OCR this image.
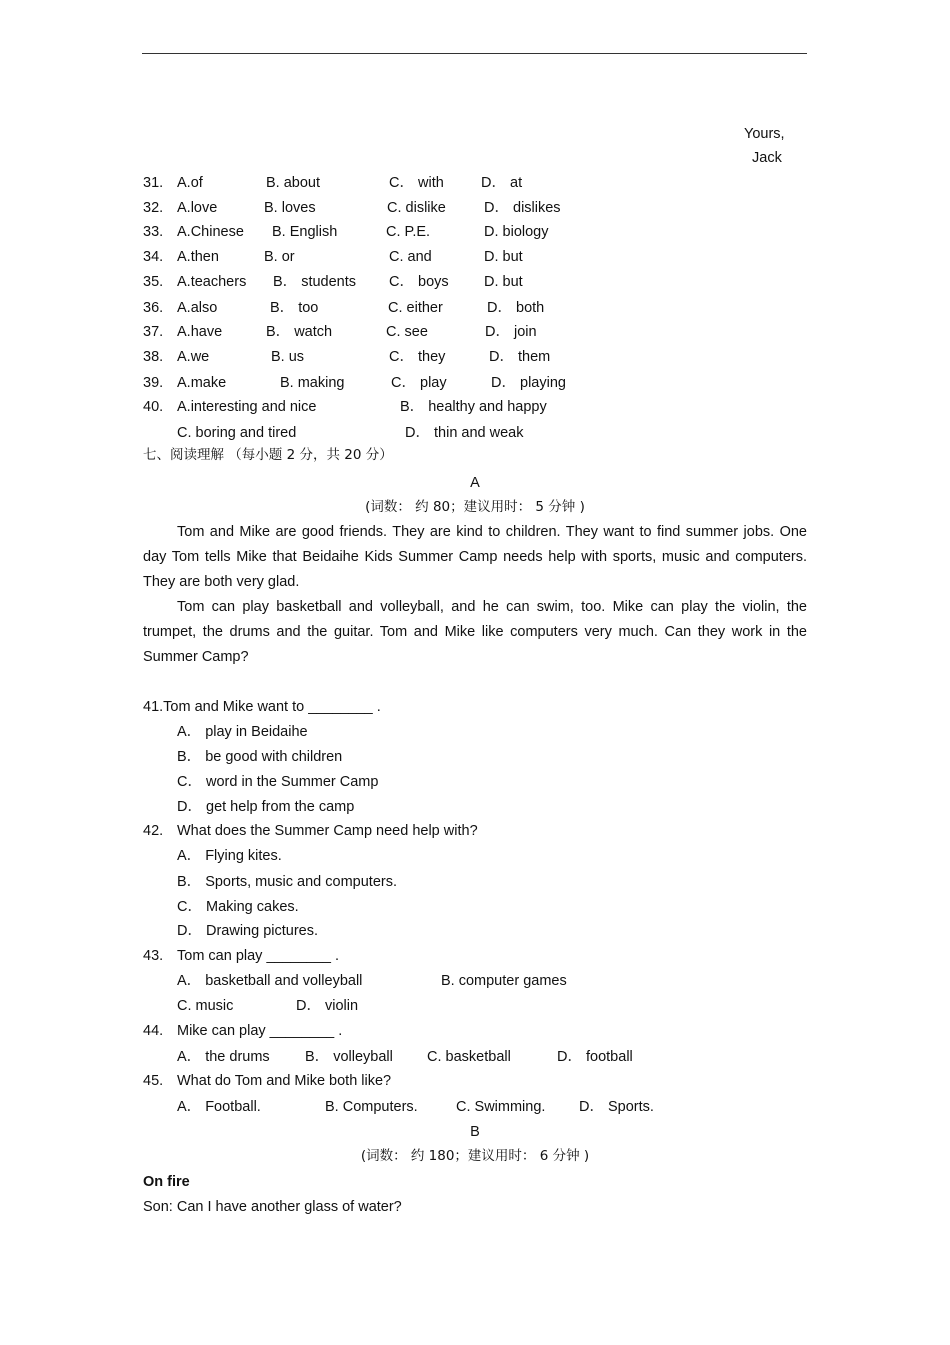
Yours,
Jack
31. A.of	B. about	C． with	D． at
32. A.love	B. loves	C. dislike	D． dislikes
33. A.Chinese B. English	C. P.E.	D. biology
34. A.then	B. or	C. and	D. but
35. A.teachers B． students C． boys D. but
36. A.also	B． too	C. either	D． both
37. A.have	B． watch	C. see	D． join
38. A.we	B. us	C． they	D． them
39. A.make	B. making	C． play	D． playing
40. A.interesting and nice	B． healthy and happy
C. boring and tired	D． thin and weak
七、阅读理解 （每小题 2 分，共 20 分）
A
(词数： 约 80；建议用时： 5 分钟 )

Tom and Mike are good friends. They are kind to children. They want to find summer jobs. One day Tom tells Mike that Beidaihe Kids Summer Camp needs help with sports, music and computers. They are both very glad.

Tom can play basketball and volleyball, and he can swim, too. Mike can play the violin, the trumpet, the drums and the guitar. Tom and Mike like computers very much. Can they work in the Summer Camp?

41.Tom and Mike want to ________ .
A． play in Beidaihe
B． be good with children
C． word in the Summer Camp
D． get help from the camp
42. What does the Summer Camp need help with?
A． Flying kites.
B． Sports, music and computers.
C． Making cakes.
D． Drawing pictures.
43. Tom can play ________ .
A． basketball and volleyball	B. computer games
C. music	D． violin
44. Mike can play ________ .
A． the drums B． volleyball C. basketball	D． football
45. What do Tom and Mike both like?
A． Football.	B. Computers.	C. Swimming. D． Sports.
B
(词数： 约 180；建议用时： 6 分钟 )
On fire
Son: Can I have another glass of water?
